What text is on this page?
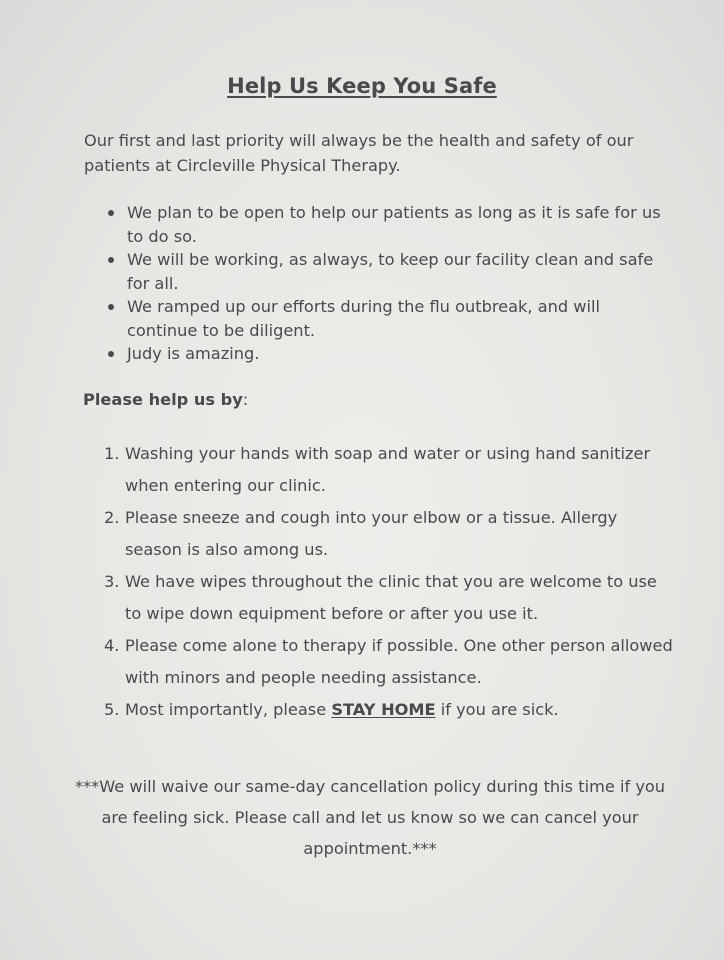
Help Us Keep You Safe

Our first and last priority will always be the health and safety of our patients at Circleville Physical Therapy.

We plan to be open to help our patients as long as it is safe for us to do so.
We will be working, as always, to keep our facility clean and safe for all.
We ramped up our efforts during the flu outbreak, and will continue to be diligent.
Judy is amazing.
Please help us by:
1. Washing your hands with soap and water or using hand sanitizer when entering our clinic.
2. Please sneeze and cough into your elbow or a tissue. Allergy season is also among us.
3. We have wipes throughout the clinic that you are welcome to use to wipe down equipment before or after you use it.
4. Please come alone to therapy if possible. One other person allowed with minors and people needing assistance.
5. Most importantly, please STAY HOME if you are sick.

***We will waive our same-day cancellation policy during this time if you are feeling sick. Please call and let us know so we can cancel your appointment.***
